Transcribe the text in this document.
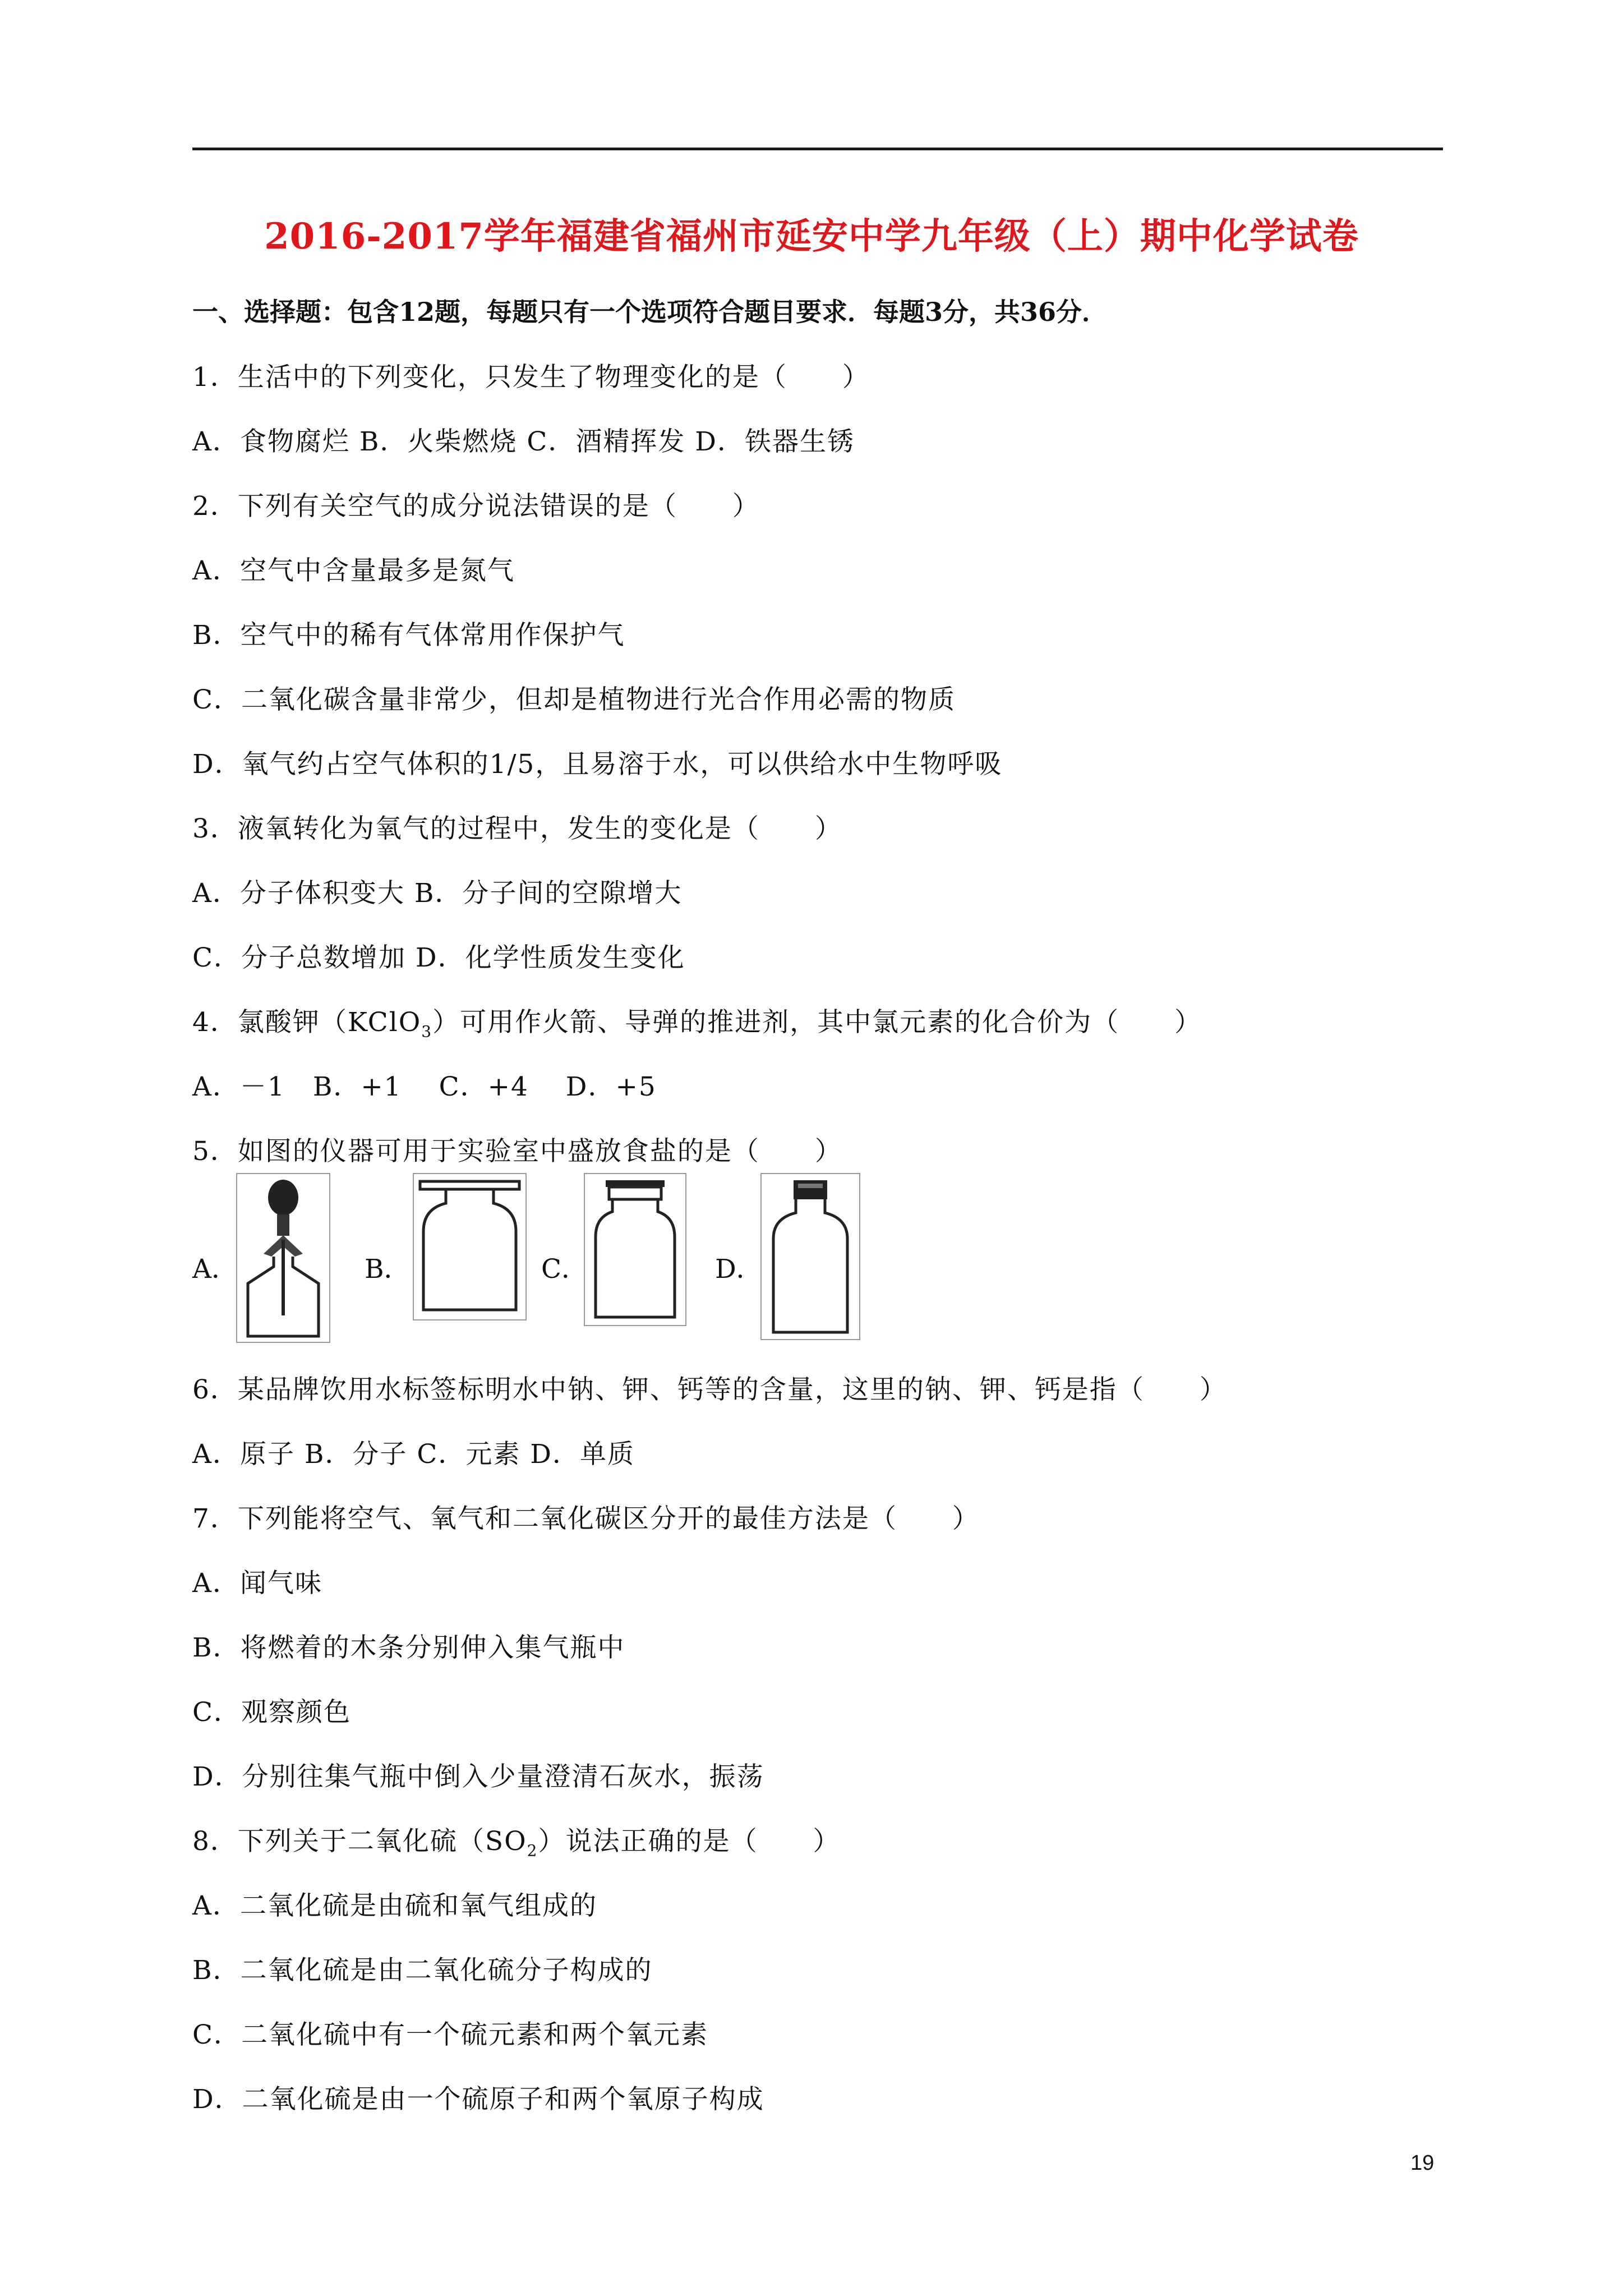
2016-2017学年福建省福州市延安中学九年级（上）期中化学试卷
一、选择题：包含12题，每题只有一个选项符合题目要求．每题3分，共36分．
1．生活中的下列变化，只发生了物理变化的是（　　）
A．食物腐烂 B．火柴燃烧 C．酒精挥发 D．铁器生锈
2．下列有关空气的成分说法错误的是（　　）
A．空气中含量最多是氮气
B．空气中的稀有气体常用作保护气
C．二氧化碳含量非常少，但却是植物进行光合作用必需的物质
D．氧气约占空气体积的1/5，且易溶于水，可以供给水中生物呼吸
3．液氧转化为氧气的过程中，发生的变化是（　　）
A．分子体积变大 B．分子间的空隙增大
C．分子总数增加 D．化学性质发生变化
4．氯酸钾（KClO$_3$）可用作火箭、导弹的推进剂，其中氯元素的化合价为（　　）
A．－1　B．+1　 C．+4　 D．+5
5．如图的仪器可用于实验室中盛放食盐的是（　　）
A．	B．	C．	D．
6．某品牌饮用水标签标明水中钠、钾、钙等的含量，这里的钠、钾、钙是指（　　）
A．原子 B．分子 C．元素 D．单质
7．下列能将空气、氧气和二氧化碳区分开的最佳方法是（　　）
A．闻气味
B．将燃着的木条分别伸入集气瓶中
C．观察颜色
D．分别往集气瓶中倒入少量澄清石灰水，振荡
8．下列关于二氧化硫$(SO_2)$说法正确的是（　　）
A．二氧化硫是由硫和氧气组成的
B．二氧化硫是由二氧化硫分子构成的
C．二氧化硫中有一个硫元素和两个氧元素
D．二氧化硫是由一个硫原子和两个氧原子构成
19
